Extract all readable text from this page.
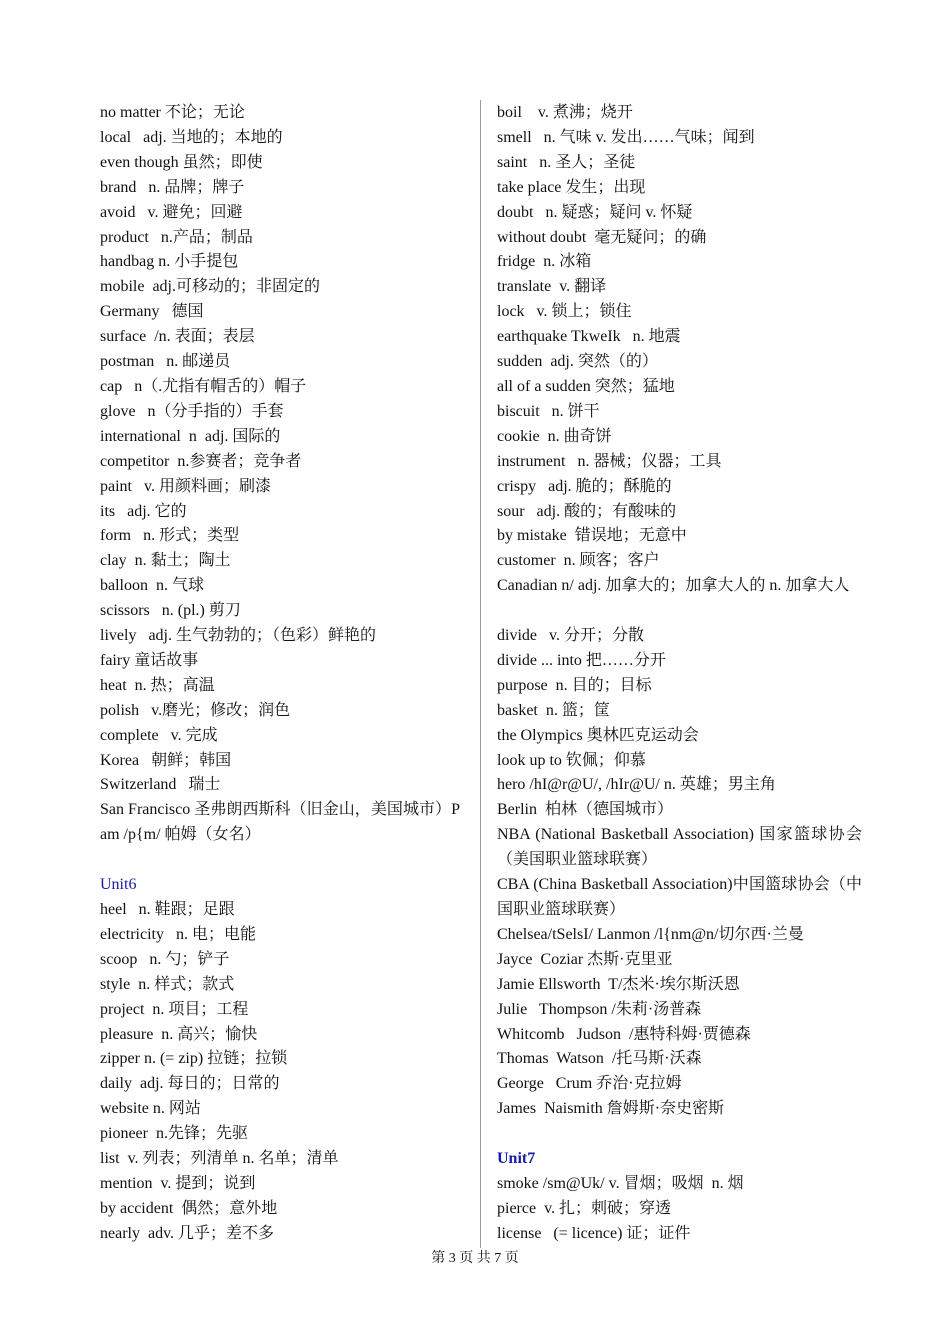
no matter 不论；无论
local   adj. 当地的；本地的
even though 虽然；即使
brand   n. 品牌；牌子
avoid   v. 避免；回避
product   n.产品；制品
handbag n. 小手提包
mobile  adj.可移动的；非固定的
Germany   德国
surface  /n. 表面；表层
postman   n. 邮递员
cap   n（.尤指有帽舌的）帽子
glove   n（分手指的）手套
international  n  adj. 国际的
competitor  n.参赛者；竞争者
paint   v. 用颜料画；刷漆
its   adj. 它的
form   n. 形式；类型
clay  n. 黏土；陶土
balloon  n. 气球
scissors   n. (pl.) 剪刀
lively   adj. 生气勃勃的；（色彩）鲜艳的
fairy 童话故事
heat  n. 热；高温
polish   v.磨光；修改；润色
complete   v. 完成
Korea   朝鲜；韩国
Switzerland   瑞士
San Francisco 圣弗朗西斯科（旧金山，美国城市）Pam /p{m/ 帕姆（女名）
Unit6
heel   n. 鞋跟；足跟
electricity   n. 电；电能
scoop   n. 勺；铲子
style  n. 样式；款式
project  n. 项目；工程
pleasure  n. 高兴；愉快
zipper n. (= zip) 拉链；拉锁
daily  adj. 每日的；日常的
website n. 网站
pioneer  n.先锋；先驱
list  v. 列表；列清单 n. 名单；清单
mention  v. 提到；说到
by accident  偶然；意外地
nearly  adv. 几乎；差不多
boil    v. 煮沸；烧开
smell   n. 气味 v. 发出……气味；闻到
saint   n. 圣人；圣徒
take place 发生；出现
doubt   n. 疑惑；疑问 v. 怀疑
without doubt  毫无疑问；的确
fridge  n. 冰箱
translate  v. 翻译
lock   v. 锁上；锁住
earthquake TkweIk   n. 地震
sudden  adj. 突然（的）
all of a sudden 突然；猛地
biscuit   n. 饼干
cookie  n. 曲奇饼
instrument   n. 器械；仪器；工具
crispy   adj. 脆的；酥脆的
sour   adj. 酸的；有酸味的
by mistake  错误地；无意中
customer  n. 顾客；客户
Canadian n/ adj. 加拿大的；加拿大人的 n. 加拿大人
divide   v. 分开；分散
divide ... into 把……分开
purpose  n. 目的；目标
basket  n. 篮；筐
the Olympics 奥林匹克运动会
look up to 钦佩；仰慕
hero /hI@r@U/, /hIr@U/ n. 英雄；男主角
Berlin  柏林（德国城市）
NBA (National Basketball Association) 国家篮球协会（美国职业篮球联赛）
CBA (China Basketball Association)中国篮球协会（中国职业篮球联赛）
Chelsea/tSelsI/ Lanmon /l{nm@n/切尔西·兰曼
Jayce  Coziar 杰斯·克里亚
Jamie Ellsworth  T/杰米·埃尔斯沃恩
Julie   Thompson /朱莉·汤普森
Whitcomb   Judson  /惠特科姆·贾德森
Thomas  Watson  /托马斯·沃森
George   Crum 乔治·克拉姆
James  Naismith 詹姆斯·奈史密斯
Unit7
smoke /sm@Uk/ v. 冒烟；吸烟  n. 烟
pierce  v. 扎；刺破；穿透
license   (= licence) 证；证件
第 3 页 共 7 页
